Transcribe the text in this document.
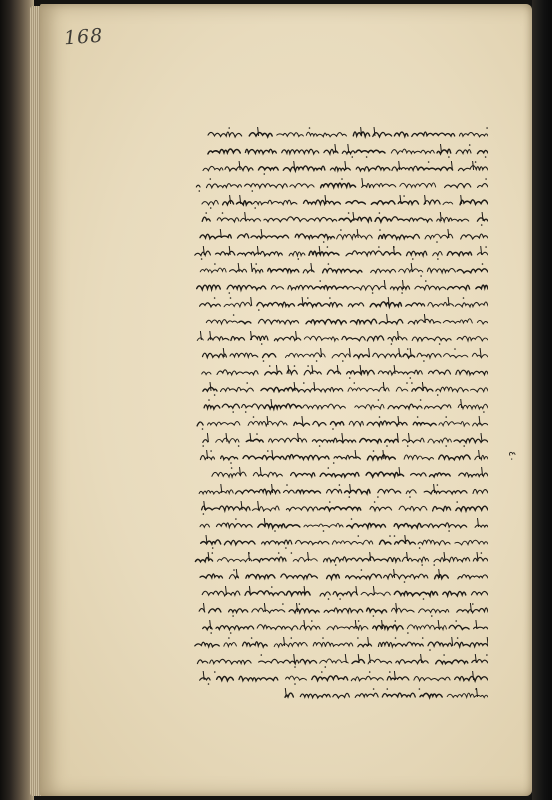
168
٤٠
